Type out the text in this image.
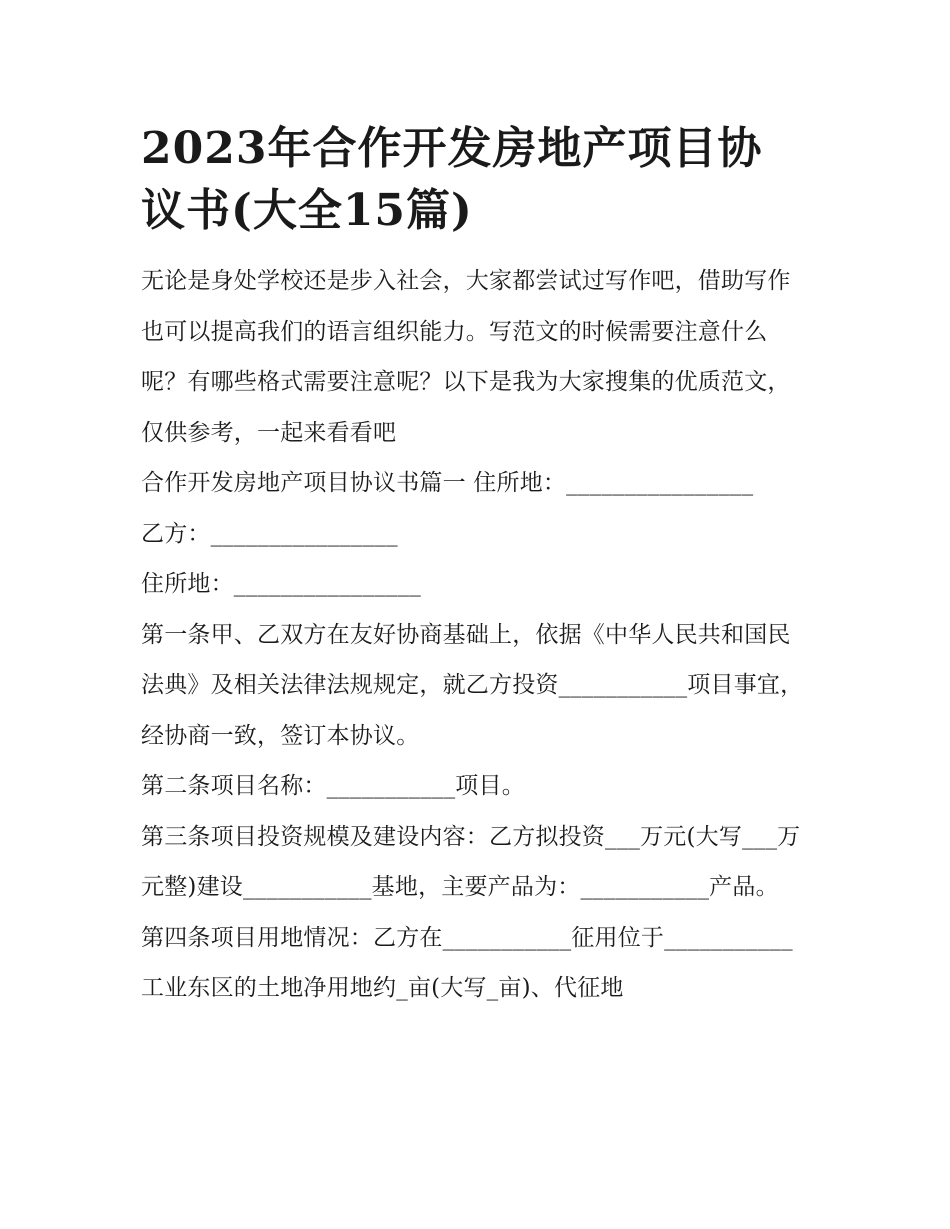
2023年合作开发房地产项目协
议书(大全15篇)

无论是身处学校还是步入社会，大家都尝试过写作吧，借助写作也可以提高我们的语言组织能力。写范文的时候需要注意什么呢？有哪些格式需要注意呢？以下是我为大家搜集的优质范文，仅供参考，一起来看看吧

合作开发房地产项目协议书篇一 住所地：________________

乙方：________________

住所地：________________

第一条甲、乙双方在友好协商基础上，依据《中华人民共和国民法典》及相关法律法规规定，就乙方投资___________项目事宜，经协商一致，签订本协议。

第二条项目名称：___________项目。

第三条项目投资规模及建设内容：乙方拟投资___万元(大写___万元整)建设___________基地，主要产品为：___________产品。

第四条项目用地情况：乙方在___________征用位于___________工业东区的土地净用地约_亩(大写_亩)、代征地
